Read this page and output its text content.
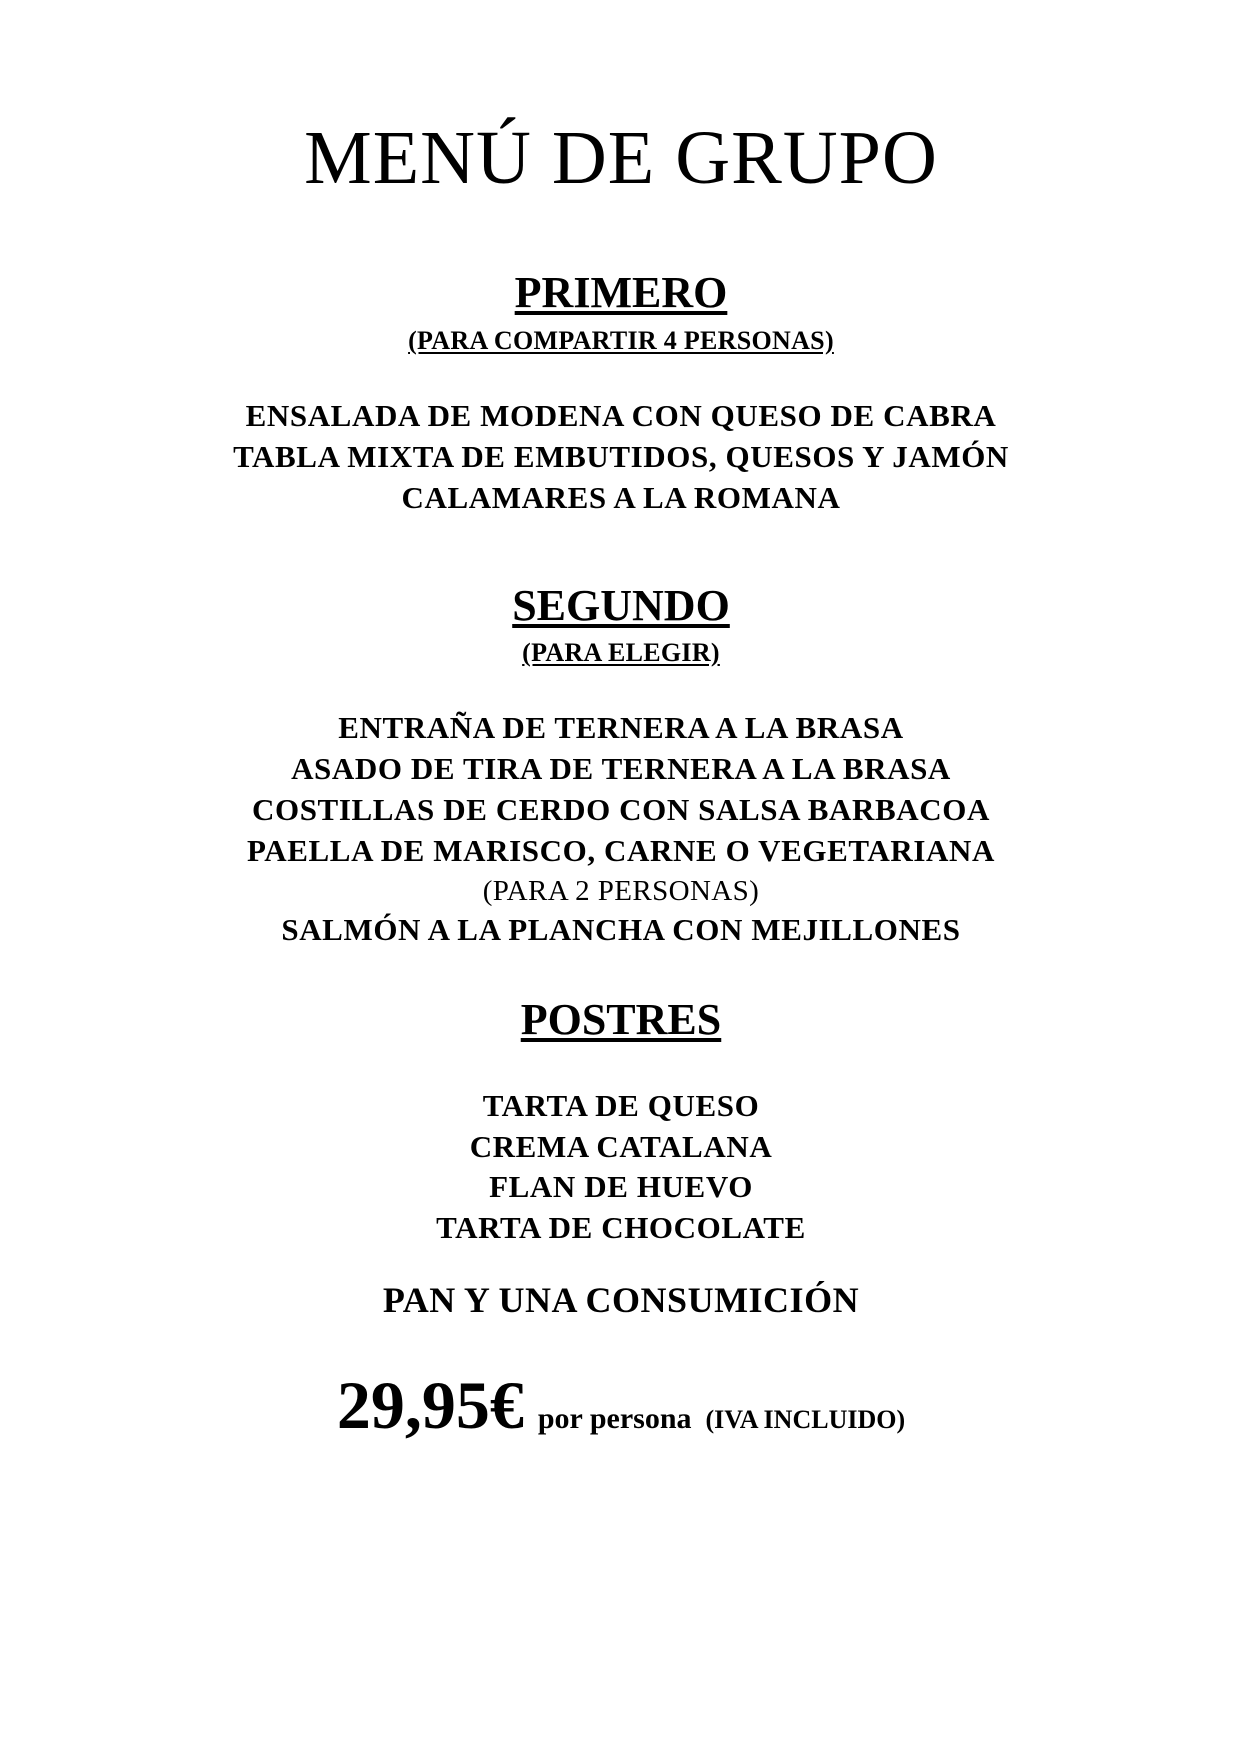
MENÚ DE GRUPO
PRIMERO
(PARA COMPARTIR 4 PERSONAS)

ENSALADA DE MODENA CON QUESO DE CABRA

TABLA MIXTA DE EMBUTIDOS, QUESOS Y JAMÓN

CALAMARES A LA ROMANA

SEGUNDO
(PARA ELEGIR)

ENTRAÑA DE TERNERA A LA BRASA

ASADO DE TIRA DE TERNERA A LA BRASA

COSTILLAS DE CERDO CON SALSA BARBACOA

PAELLA DE MARISCO, CARNE O VEGETARIANA

(PARA 2 PERSONAS)

SALMÓN A LA PLANCHA CON MEJILLONES

POSTRES

TARTA DE QUESO

CREMA CATALANA

FLAN DE HUEVO

TARTA DE CHOCOLATE

PAN Y UNA CONSUMICIÓN

29,95€ por persona (IVA INCLUIDO)
